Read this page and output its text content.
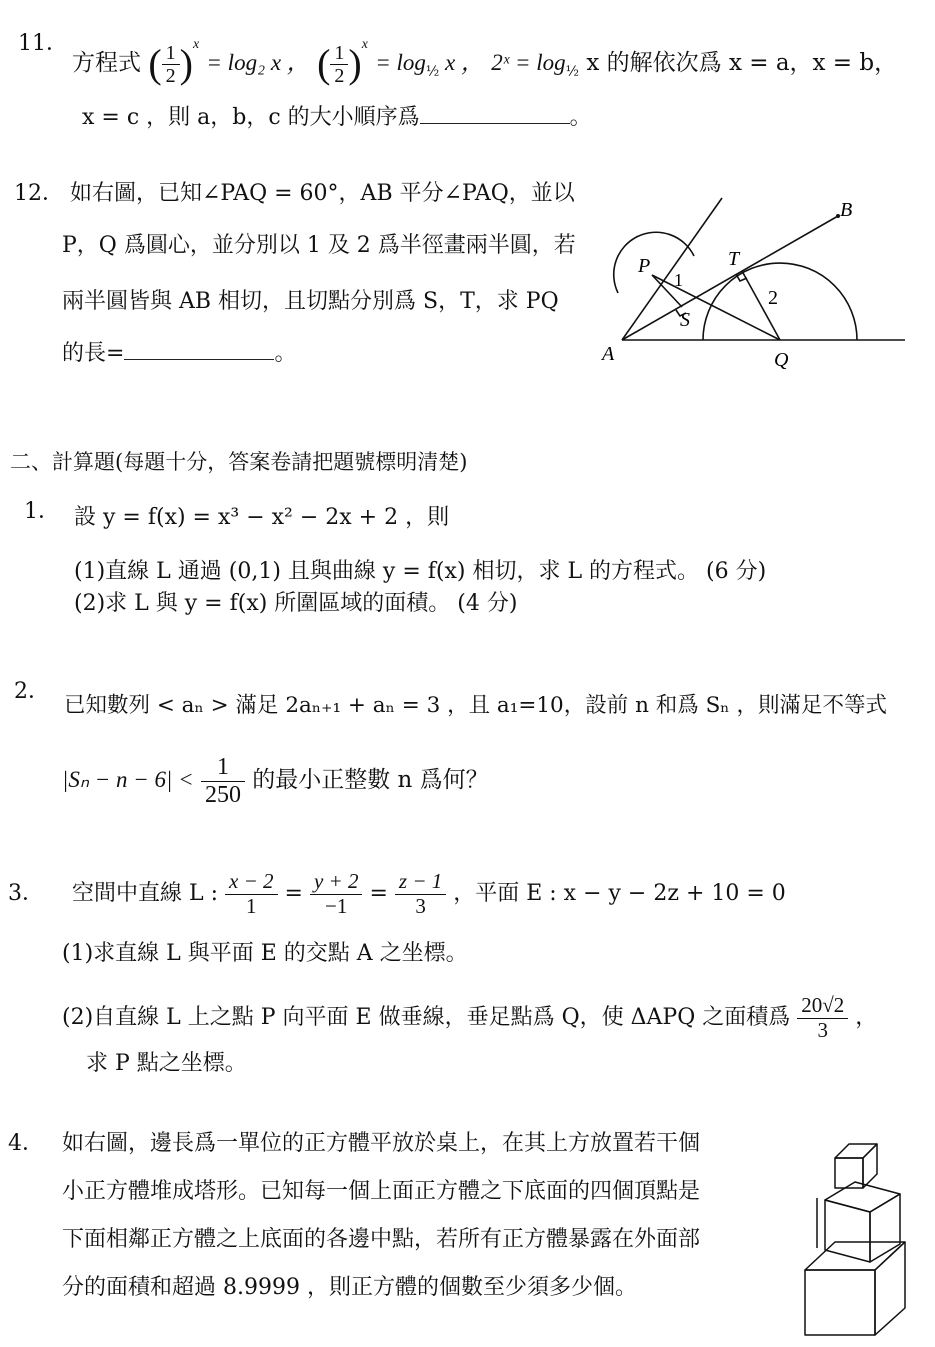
11．
方程式 ( $\frac{1}{2} )^x = \log_2$ x ， ( $\frac{1}{2} )^x = \log_{\frac{1}{2}} x$ ， 2ˣ = $\log_{\frac{1}{2}} x$ 的解依次爲 x = a，x = b，
x = c ，則 a，b，c 的大小順序爲	。
12． 如右圖，已知∠PAQ = 60°，AB 平分∠PAQ，並以
P，Q 爲圓心，並分別以 1 及 2 爲半徑畫兩半圓，若
兩半圓皆與 AB 相切，且切點分別爲 S，T，求 PQ
的長=	。
B
P
1
T
2
S
A	Q
二、計算題(每題十分，答案卷請把題號標明清楚)
1． 設 y = f(x) = x³ − x² − 2x + 2 ，則
(1)直線 L 通過 (0,1) 且與曲線 y = f(x) 相切，求 L 的方程式。 (6 分)
(2)求 L 與 y = f(x) 所圍區域的面積。 (4 分)
2．
已知數列 < aₙ > 滿足 2aₙ₊₁ + aₙ = 3 ，且 a₁=10，設前 n 和爲 Sₙ ，則滿足不等式
$|S_n - n - 6| < \frac{1}{250}$ 的最小正整數 n 爲何？
3． 空間中直線 L : $\frac{x - 2}{1} = \frac{y + 2}{-1} = \frac{z - 1}{3}$ ，平面 E : x − y − 2z + 10 = 0
(1)求直線 L 與平面 E 的交點 A 之坐標。
(2)自直線 L 上之點 P 向平面 E 做垂線，垂足點爲 Q，使 ΔAPQ 之面積爲 $\frac{20√2}{3}$ ，
求 P 點之坐標。
4． 如右圖，邊長爲一單位的正方體平放於桌上，在其上方放置若干個
小正方體堆成塔形。已知每一個上面正方體之下底面的四個頂點是
下面相鄰正方體之上底面的各邊中點，若所有正方體暴露在外面部
分的面積和超過 8.9999 ，則正方體的個數至少須多少個。
